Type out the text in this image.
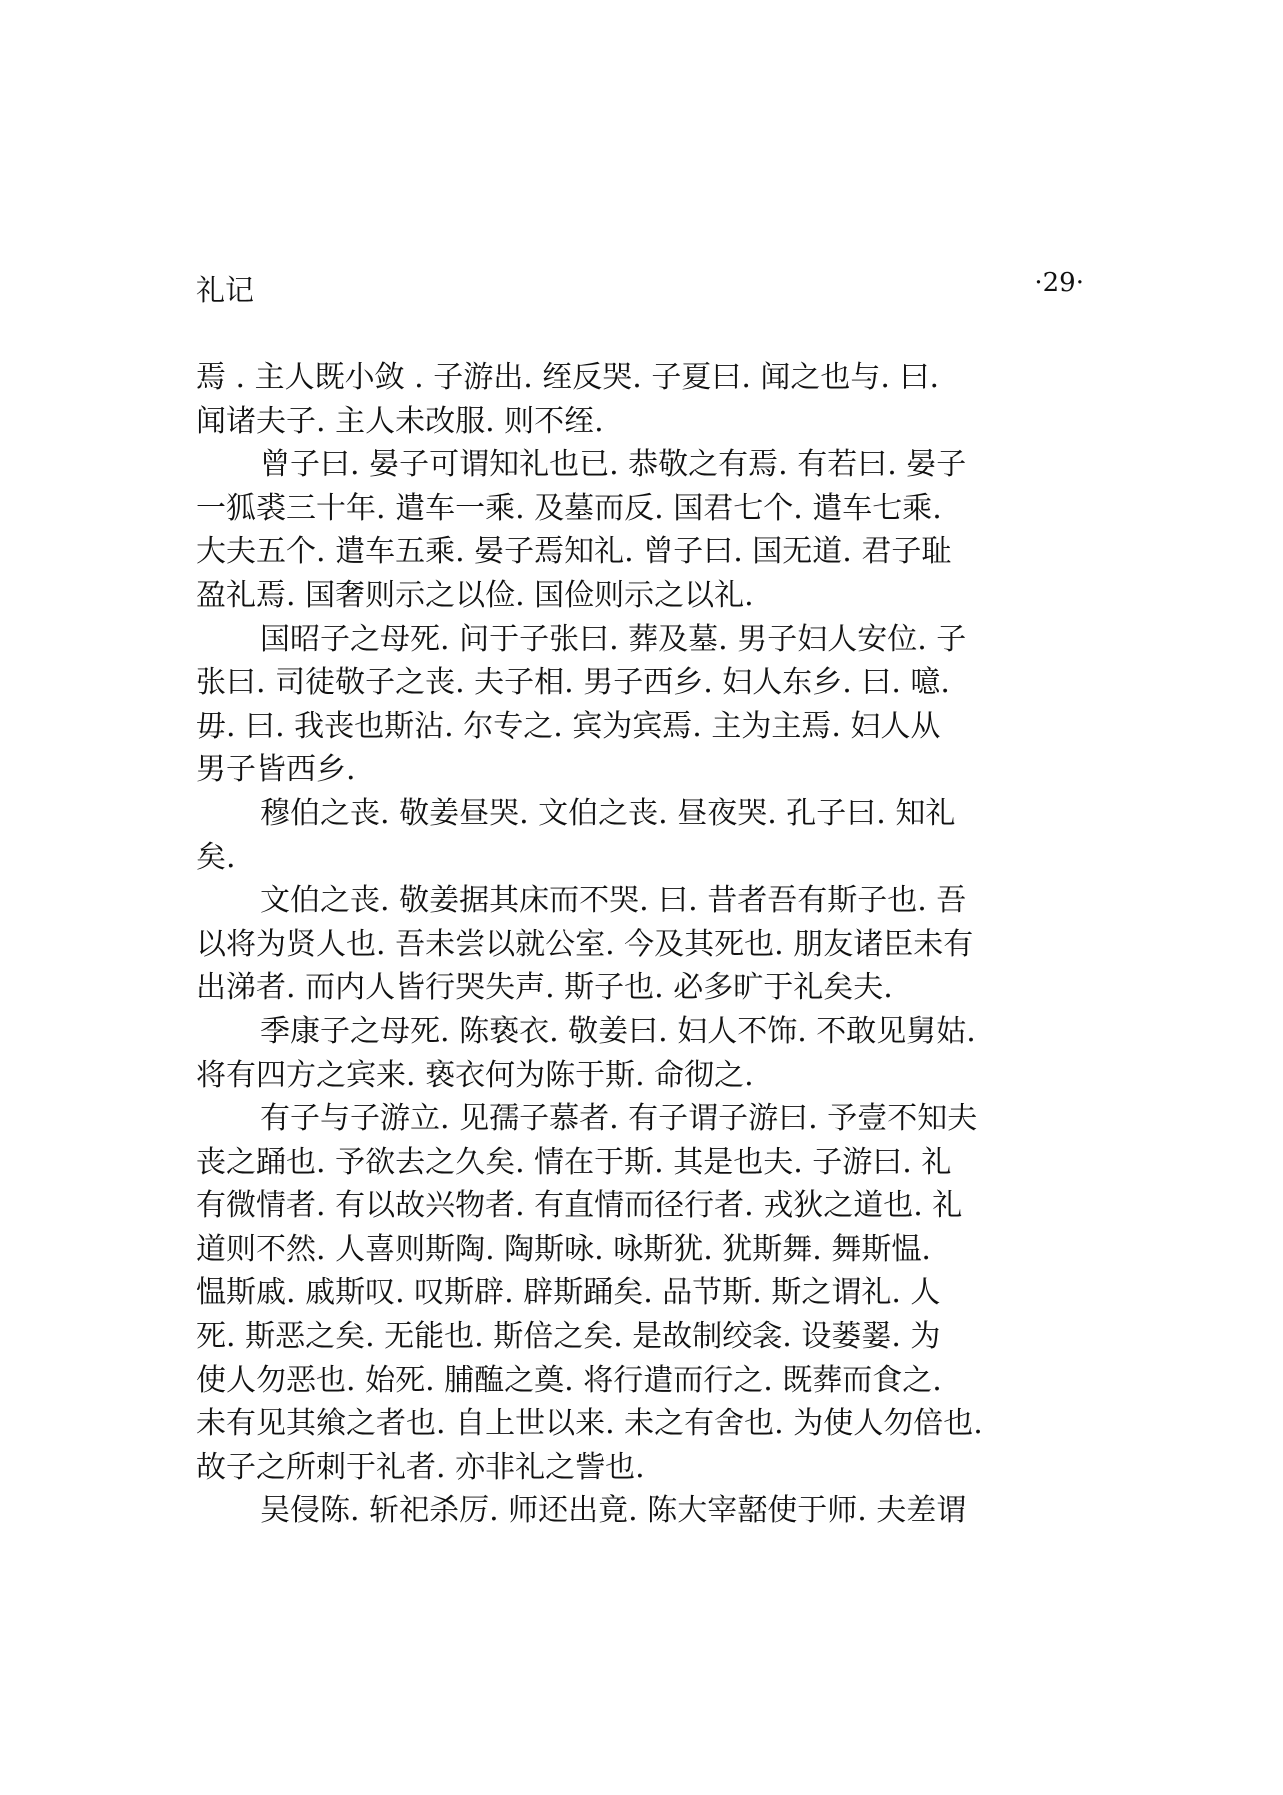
礼记	·29·

焉 . 主人既小敛 . 子游出. 绖反哭. 子夏曰. 闻之也与. 曰.

闻诸夫子. 主人未改服. 则不绖.

曾子曰. 晏子可谓知礼也已. 恭敬之有焉. 有若曰. 晏子

一狐裘三十年. 遣车一乘. 及墓而反. 国君七个. 遣车七乘.

大夫五个. 遣车五乘. 晏子焉知礼. 曾子曰. 国无道. 君子耻

盈礼焉. 国奢则示之以俭. 国俭则示之以礼.

国昭子之母死. 问于子张曰. 葬及墓. 男子妇人安位. 子

张曰. 司徒敬子之丧. 夫子相. 男子西乡. 妇人东乡. 曰. 噫.

毋. 曰. 我丧也斯沾. 尔专之. 宾为宾焉. 主为主焉. 妇人从

男子皆西乡.

穆伯之丧. 敬姜昼哭. 文伯之丧. 昼夜哭. 孔子曰. 知礼

矣.

文伯之丧. 敬姜据其床而不哭. 曰. 昔者吾有斯子也. 吾

以将为贤人也. 吾未尝以就公室. 今及其死也. 朋友诸臣未有

出涕者. 而内人皆行哭失声. 斯子也. 必多旷于礼矣夫.

季康子之母死. 陈亵衣. 敬姜曰. 妇人不饰. 不敢见舅姑.

将有四方之宾来. 亵衣何为陈于斯. 命彻之.

有子与子游立. 见孺子慕者. 有子谓子游曰. 予壹不知夫

丧之踊也. 予欲去之久矣. 情在于斯. 其是也夫. 子游曰. 礼

有微情者. 有以故兴物者. 有直情而径行者. 戎狄之道也. 礼

道则不然. 人喜则斯陶. 陶斯咏. 咏斯犹. 犹斯舞. 舞斯愠.

愠斯戚. 戚斯叹. 叹斯辟. 辟斯踊矣. 品节斯. 斯之谓礼. 人

死. 斯恶之矣. 无能也. 斯倍之矣. 是故制绞衾. 设蒌翣. 为

使人勿恶也. 始死. 脯醢之奠. 将行遣而行之. 既葬而食之.

未有见其飨之者也. 自上世以来. 未之有舍也. 为使人勿倍也.

故子之所刺于礼者. 亦非礼之訾也.

吴侵陈. 斩祀杀厉. 师还出竟. 陈大宰嚭使于师. 夫差谓
